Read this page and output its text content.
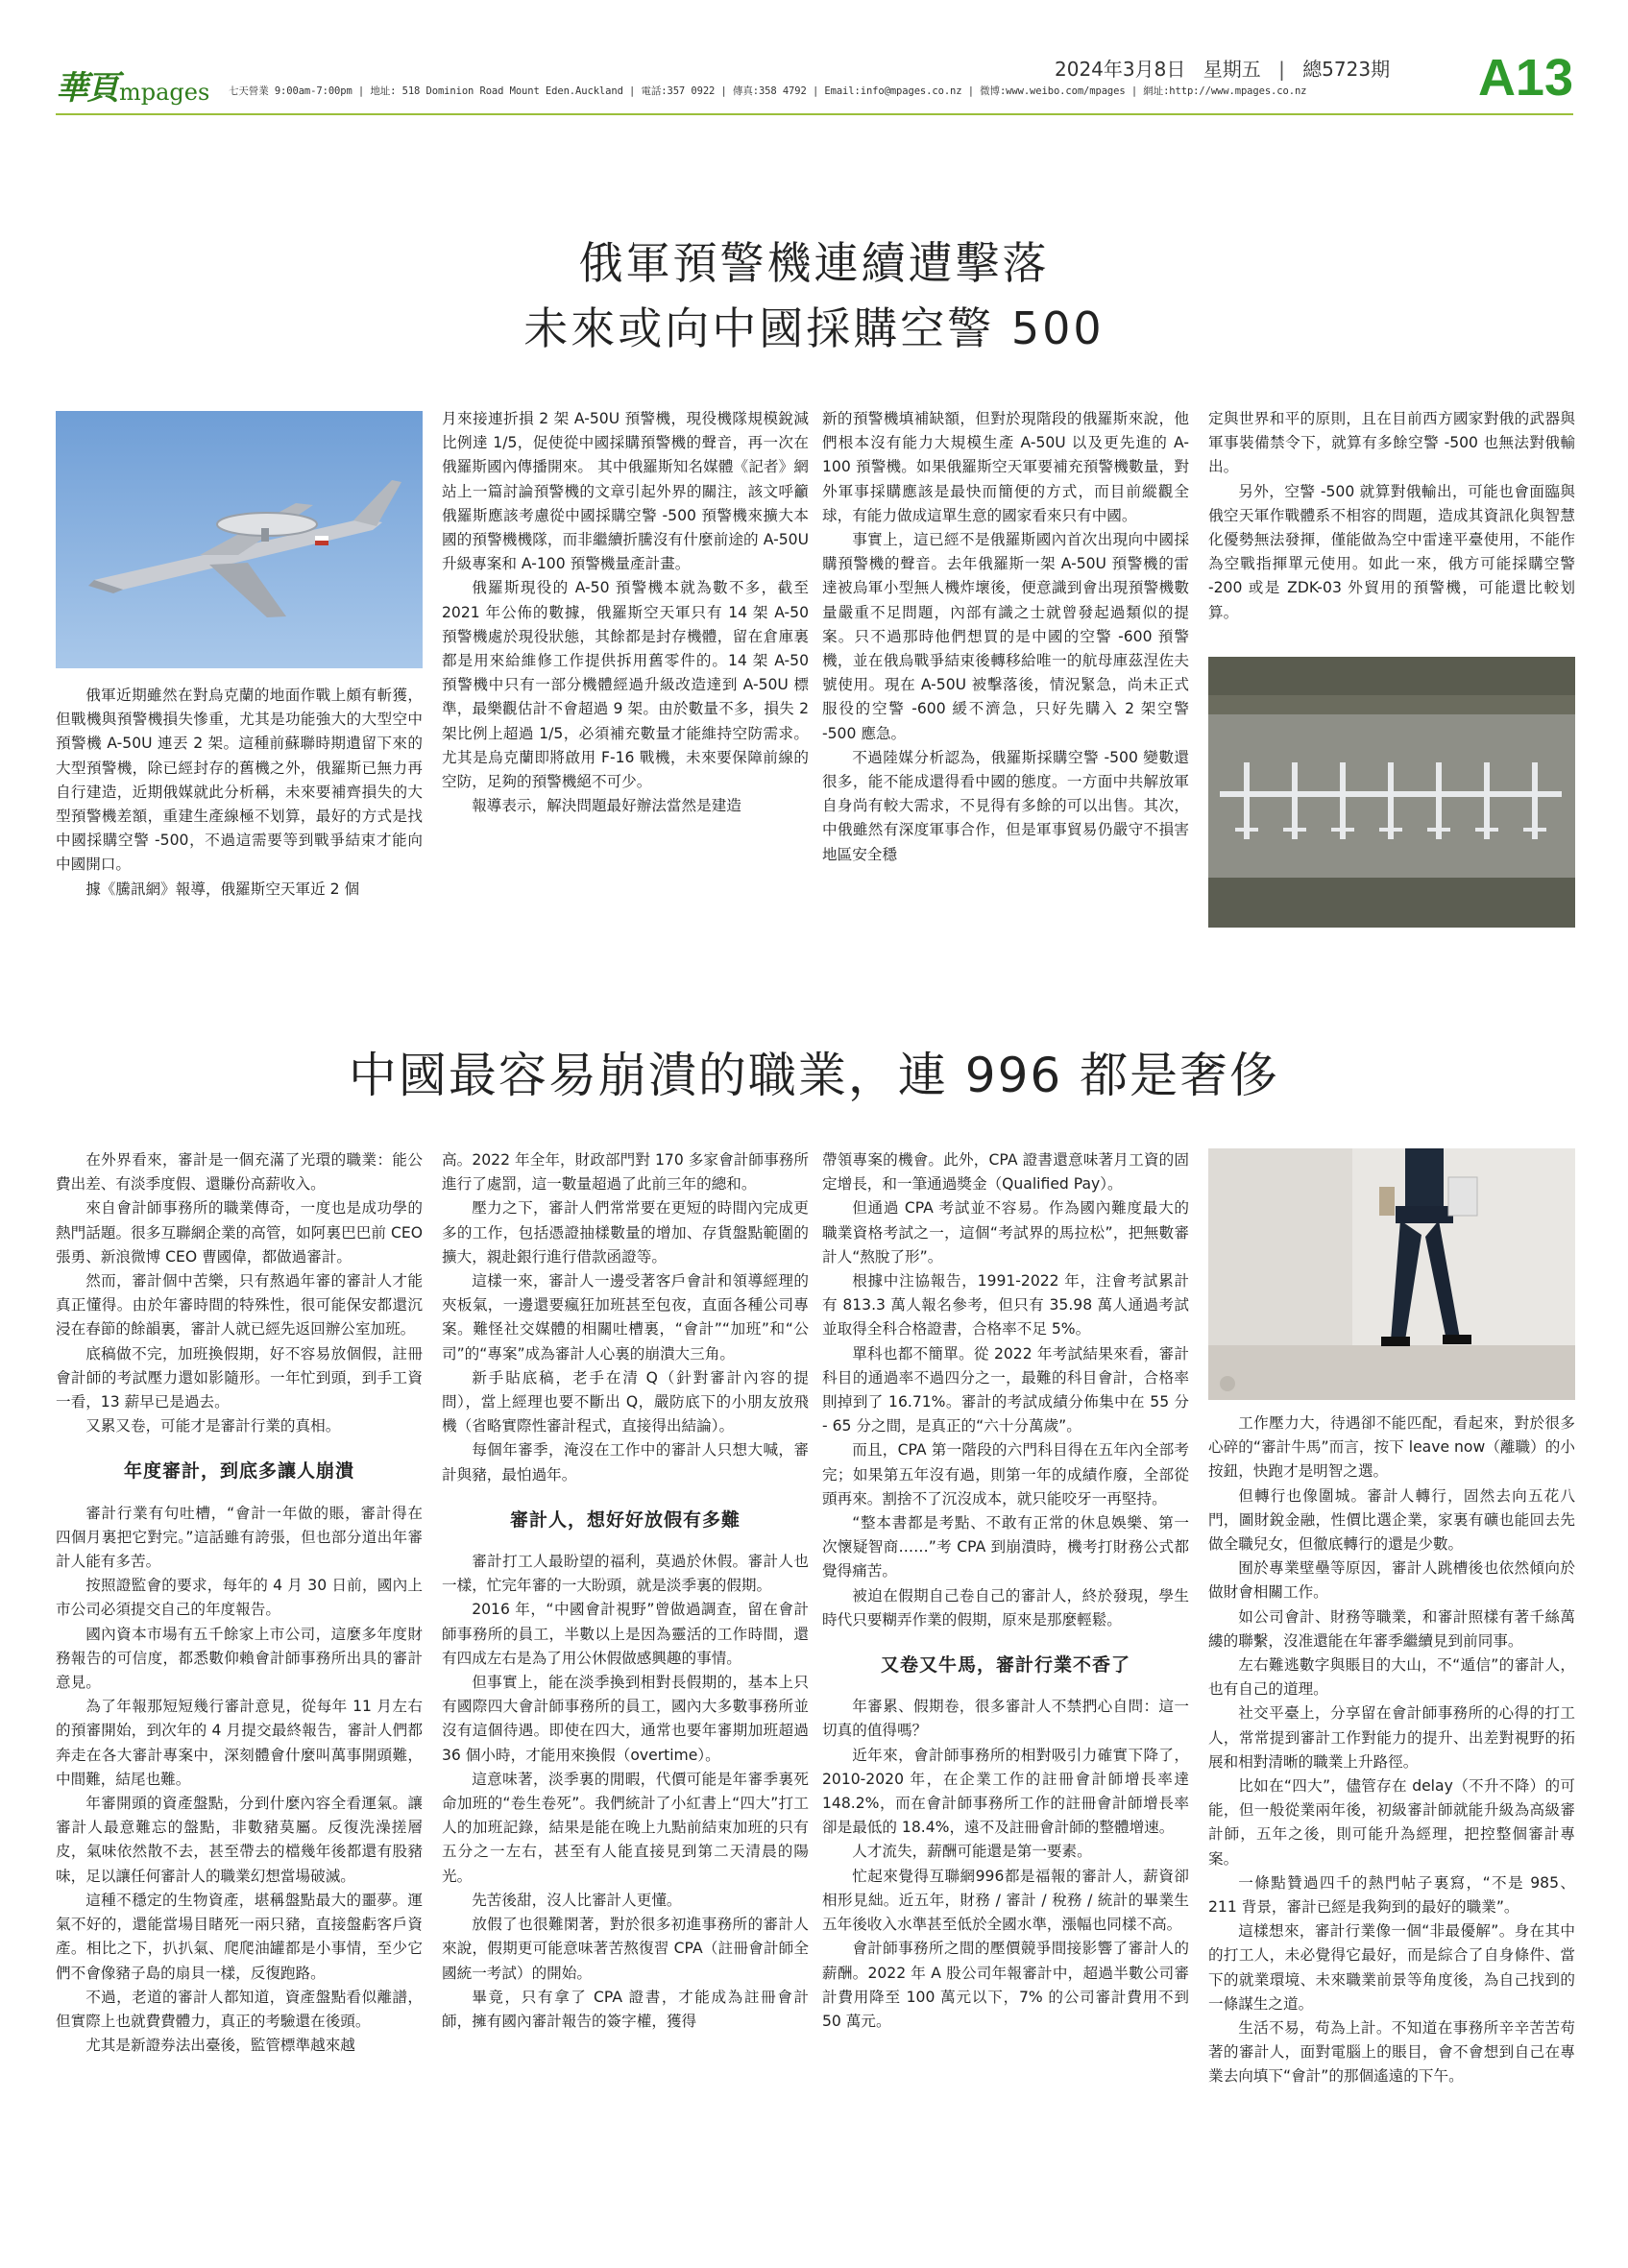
華頁 mpages 七天營業 9:00am-7:00pm | 地址: 518 Dominion Road Mount Eden.Auckland | 電話:357 0922 | 傳真:358 4792 | Email:info@mpages.co.nz | 微博:www.weibo.com/mpages | 網址:http://www.mpages.co.nz
2024年3月8日 星期五 | 總5723期 A13
俄軍預警機連續遭擊落
未來或向中國採購空警 500

俄軍近期雖然在對烏克蘭的地面作戰上頗有斬獲，但戰機與預警機損失慘重，尤其是功能強大的大型空中預警機 A-50U 連丟 2 架。這種前蘇聯時期遺留下來的大型預警機，除已經封存的舊機之外，俄羅斯已無力再自行建造，近期俄媒就此分析稱，未來要補齊損失的大型預警機差額，重建生產線極不划算，最好的方式是找中國採購空警 -500，不過這需要等到戰爭結束才能向中國開口。

據《騰訊網》報導，俄羅斯空天軍近 2 個

月來接連折損 2 架 A-50U 預警機，現役機隊規模銳減比例達 1/5，促使從中國採購預警機的聲音，再一次在俄羅斯國內傳播開來。 其中俄羅斯知名媒體《記者》網站上一篇討論預警機的文章引起外界的關注，該文呼籲俄羅斯應該考慮從中國採購空警 -500 預警機來擴大本國的預警機機隊，而非繼續折騰沒有什麼前途的 A-50U 升級專案和 A-100 預警機量產計畫。

俄羅斯現役的 A-50 預警機本就為數不多，截至 2021 年公佈的數據，俄羅斯空天軍只有 14 架 A-50 預警機處於現役狀態，其餘都是封存機體，留在倉庫裏都是用來給維修工作提供拆用舊零件的。14 架 A-50 預警機中只有一部分機體經過升級改造達到 A-50U 標準，最樂觀估計不會超過 9 架。由於數量不多，損失 2 架比例上超過 1/5，必須補充數量才能維持空防需求。尤其是烏克蘭即將啟用 F-16 戰機，未來要保障前線的空防，足夠的預警機絕不可少。

報導表示，解決問題最好辦法當然是建造

新的預警機填補缺額，但對於現階段的俄羅斯來說，他們根本沒有能力大規模生產 A-50U 以及更先進的 A-100 預警機。如果俄羅斯空天軍要補充預警機數量，對外軍事採購應該是最快而簡便的方式，而目前縱觀全球，有能力做成這單生意的國家看來只有中國。

事實上，這已經不是俄羅斯國內首次出現向中國採購預警機的聲音。去年俄羅斯一架 A-50U 預警機的雷達被烏軍小型無人機炸壞後，便意識到會出現預警機數量嚴重不足問題，內部有識之士就曾發起過類似的提案。只不過那時他們想買的是中國的空警 -600 預警機，並在俄烏戰爭結束後轉移給唯一的航母庫茲涅佐夫號使用。現在 A-50U 被擊落後，情況緊急，尚未正式服役的空警 -600 緩不濟急，只好先購入 2 架空警 -500 應急。

不過陸媒分析認為，俄羅斯採購空警 -500 變數還很多，能不能成還得看中國的態度。一方面中共解放軍自身尚有較大需求，不見得有多餘的可以出售。其次，中俄雖然有深度軍事合作，但是軍事貿易仍嚴守不損害地區安全穩

定與世界和平的原則，且在目前西方國家對俄的武器與軍事裝備禁令下，就算有多餘空警 -500 也無法對俄輸出。

另外，空警 -500 就算對俄輸出，可能也會面臨與俄空天軍作戰體系不相容的問題，造成其資訊化與智慧化優勢無法發揮，僅能做為空中雷達平臺使用，不能作為空戰指揮單元使用。如此一來，俄方可能採購空警 -200 或是 ZDK-03 外貿用的預警機，可能還比較划算。

中國最容易崩潰的職業，連 996 都是奢侈

在外界看來，審計是一個充滿了光環的職業：能公費出差、有淡季度假、還賺份高薪收入。

來自會計師事務所的職業傳奇，一度也是成功學的熱門話題。很多互聯網企業的高管，如阿裏巴巴前 CEO 張勇、新浪微博 CEO 曹國偉，都做過審計。

然而，審計個中苦樂，只有熬過年審的審計人才能真正懂得。由於年審時間的特殊性，很可能保安都還沉浸在春節的餘韻裏，審計人就已經先返回辦公室加班。

底稿做不完，加班換假期，好不容易放個假，註冊會計師的考試壓力還如影隨形。一年忙到頭，到手工資一看，13 薪早已是過去。

又累又卷，可能才是審計行業的真相。

年度審計，到底多讓人崩潰

審計行業有句吐槽，“會計一年做的賬，審計得在四個月裏把它對完。”這話雖有誇張，但也部分道出年審計人能有多苦。

按照證監會的要求，每年的 4 月 30 日前，國內上市公司必須提交自己的年度報告。

國內資本市場有五千餘家上市公司，這麼多年度財務報告的可信度，都悉數仰賴會計師事務所出具的審計意見。

為了年報那短短幾行審計意見，從每年 11 月左右的預審開始，到次年的 4 月提交最終報告，審計人們都奔走在各大審計專案中，深刻體會什麼叫萬事開頭難，中間難，結尾也難。

年審開頭的資產盤點，分到什麼內容全看運氣。讓審計人最意難忘的盤點，非數豬莫屬。反復洗澡搓層皮，氣味依然散不去，甚至帶去的檔幾年後都還有股豬味，足以讓任何審計人的職業幻想當場破滅。

這種不穩定的生物資產，堪稱盤點最大的噩夢。運氣不好的，還能當場目睹死一兩只豬，直接盤虧客戶資產。相比之下，扒扒氣、爬爬油罐都是小事情，至少它們不會像豬子島的扇貝一樣，反復跑路。

不過，老道的審計人都知道，資產盤點看似離譜，但實際上也就費費體力，真正的考驗還在後頭。

尤其是新證券法出臺後，監管標準越來越

高。2022 年全年，財政部門對 170 多家會計師事務所進行了處罰，這一數量超過了此前三年的總和。

壓力之下，審計人們常常要在更短的時間內完成更多的工作，包括憑證抽樣數量的增加、存貨盤點範圍的擴大，親赴銀行進行借款函證等。

這樣一來，審計人一邊受著客戶會計和領導經理的夾板氣，一邊還要瘋狂加班甚至包夜，直面各種公司專案。難怪社交媒體的相關吐槽裏，“會計”“加班”和“公司”的“專案”成為審計人心裏的崩潰大三角。

新手貼底稿，老手在清 Q（針對審計內容的提問），當上經理也要不斷出 Q，嚴防底下的小朋友放飛機（省略實際性審計程式，直接得出結論）。

每個年審季，淹沒在工作中的審計人只想大喊，審計與豬，最怕過年。

審計人，想好好放假有多難

審計打工人最盼望的福利，莫過於休假。審計人也一樣，忙完年審的一大盼頭，就是淡季裏的假期。

2016 年，“中國會計視野”曾做過調查，留在會計師事務所的員工，半數以上是因為靈活的工作時間，還有四成左右是為了用公休假做感興趣的事情。

但事實上，能在淡季換到相對長假期的，基本上只有國際四大會計師事務所的員工，國內大多數事務所並沒有這個待遇。即使在四大，通常也要年審期加班超過 36 個小時，才能用來換假（overtime）。

這意味著，淡季裏的閒暇，代價可能是年審季裏死命加班的“卷生卷死”。我們統計了小紅書上“四大”打工人的加班記錄，結果是能在晚上九點前結束加班的只有五分之一左右，甚至有人能直接見到第二天清晨的陽光。

先苦後甜，沒人比審計人更懂。

放假了也很難閑著，對於很多初進事務所的審計人來說，假期更可能意味著苦熬復習 CPA（註冊會計師全國統一考試）的開始。

畢竟，只有拿了 CPA 證書，才能成為註冊會計師，擁有國內審計報告的簽字權，獲得

帶領專案的機會。此外，CPA 證書還意味著月工資的固定增長，和一筆通過獎金（Qualified Pay）。

但通過 CPA 考試並不容易。作為國內難度最大的職業資格考試之一，這個“考試界的馬拉松”，把無數審計人“熬脫了形”。

根據中注協報告，1991-2022 年，注會考試累計有 813.3 萬人報名參考，但只有 35.98 萬人通過考試並取得全科合格證書，合格率不足 5%。

單科也都不簡單。從 2022 年考試結果來看，審計科目的通過率不過四分之一，最難的科目會計，合格率則掉到了 16.71%。審計的考試成績分佈集中在 55 分 - 65 分之間，是真正的“六十分萬歲”。

而且，CPA 第一階段的六門科目得在五年內全部考完；如果第五年沒有過，則第一年的成績作廢，全部從頭再來。割捨不了沉沒成本，就只能咬牙一再堅持。

“整本書都是考點、不敢有正常的休息娛樂、第一次懷疑智商……”考 CPA 到崩潰時，機考打財務公式都覺得痛苦。

被迫在假期自己卷自己的審計人，終於發現，學生時代只要糊弄作業的假期，原來是那麼輕鬆。

又卷又牛馬，審計行業不香了

年審累、假期卷，很多審計人不禁捫心自問：這一切真的值得嗎？

近年來，會計師事務所的相對吸引力確實下降了，2010-2020 年，在企業工作的註冊會計師增長率達 148.2%，而在會計師事務所工作的註冊會計師增長率卻是最低的 18.4%，遠不及註冊會計師的整體增速。

人才流失，薪酬可能還是第一要素。

忙起來覺得互聯網996都是福報的審計人，薪資卻相形見絀。近五年，財務 / 審計 / 稅務 / 統計的畢業生五年後收入水準甚至低於全國水準，漲幅也同樣不高。

會計師事務所之間的壓價競爭間接影響了審計人的薪酬。2022 年 A 股公司年報審計中，超過半數公司審計費用降至 100 萬元以下，7% 的公司審計費用不到 50 萬元。

工作壓力大，待遇卻不能匹配，看起來，對於很多心碎的“審計牛馬”而言，按下 leave now（離職）的小按鈕，快跑才是明智之選。

但轉行也像圍城。審計人轉行，固然去向五花八門，圖財銳金融，性價比選企業，家裏有礦也能回去先做全職兒女，但徹底轉行的還是少數。

囿於專業壁壘等原因，審計人跳槽後也依然傾向於做財會相關工作。

如公司會計、財務等職業，和審計照樣有著千絲萬縷的聯繫，沒准還能在年審季繼續見到前同事。

左右難逃數字與賬目的大山，不“遁信”的審計人，也有自己的道理。

社交平臺上，分享留在會計師事務所的心得的打工人，常常提到審計工作對能力的提升、出差對視野的拓展和相對清晰的職業上升路徑。

比如在“四大”，儘管存在 delay（不升不降）的可能，但一般從業兩年後，初級審計師就能升級為高級審計師，五年之後，則可能升為經理，把控整個審計專案。

一條點贊過四千的熱門帖子裏寫，“不是 985、211 背景，審計已經是我夠到的最好的職業”。

這樣想來，審計行業像一個“非最優解”。身在其中的打工人，未必覺得它最好，而是綜合了自身條件、當下的就業環境、未來職業前景等角度後，為自己找到的一條謀生之道。

生活不易，苟為上計。不知道在事務所辛辛苦苦苟著的審計人，面對電腦上的賬目，會不會想到自己在專業去向填下“會計”的那個遙遠的下午。
